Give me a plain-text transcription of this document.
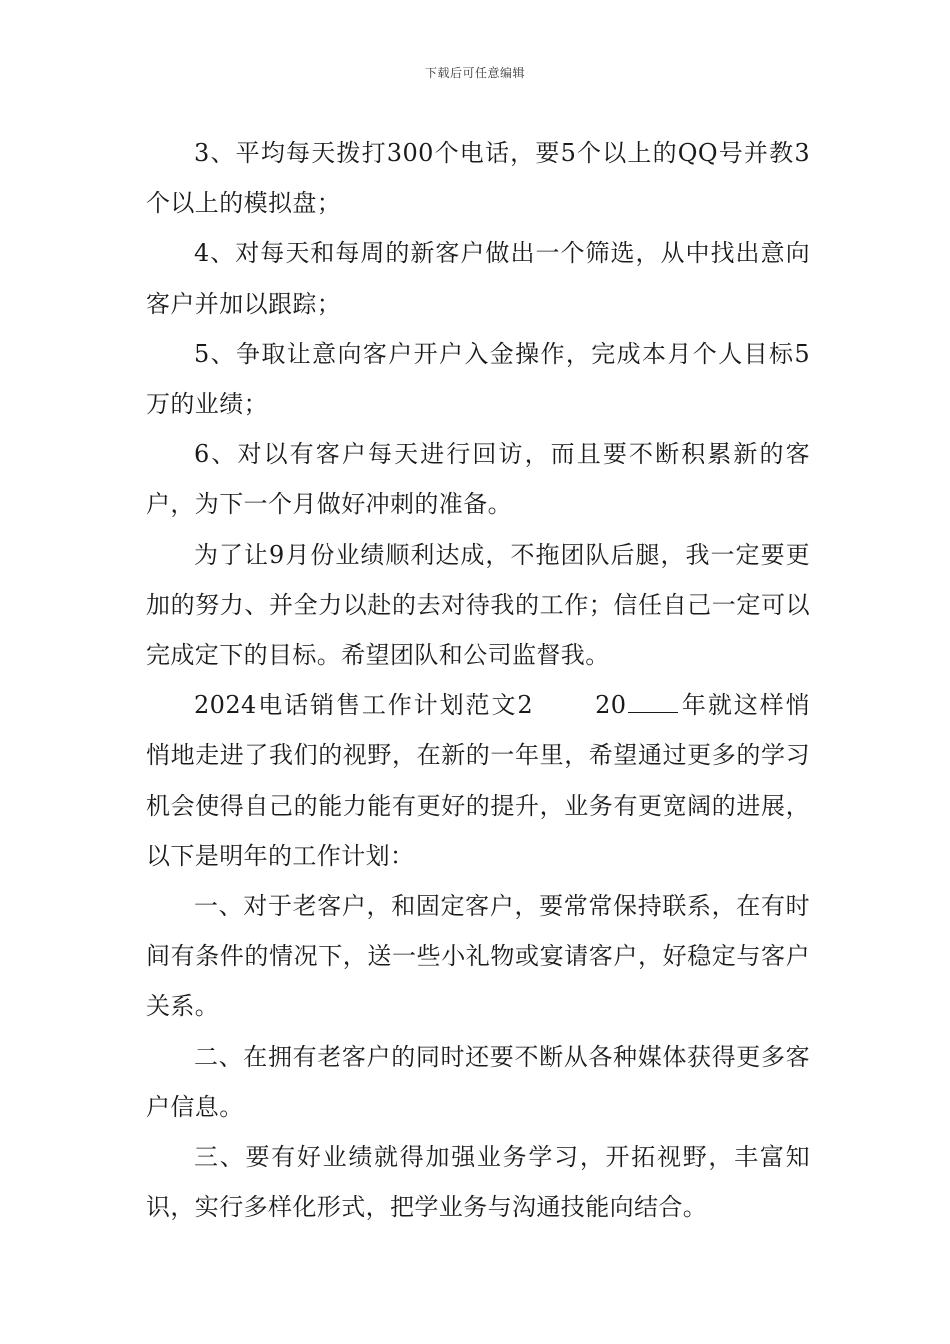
下载后可任意编辑

3、平均每天拨打300个电话，要5个以上的QQ号并教3个以上的模拟盘；

4、对每天和每周的新客户做出一个筛选，从中找出意向客户并加以跟踪；

5、争取让意向客户开户入金操作，完成本月个人目标5万的业绩；

6、对以有客户每天进行回访，而且要不断积累新的客户，为下一个月做好冲刺的准备。

为了让9月份业绩顺利达成，不拖团队后腿，我一定要更加的努力、并全力以赴的去对待我的工作；信任自己一定可以完成定下的目标。希望团队和公司监督我。

2024电话销售工作计划范文2	20 年就这样悄悄地走进了我们的视野，在新的一年里，希望通过更多的学习机会使得自己的能力能有更好的提升，业务有更宽阔的进展，以下是明年的工作计划：

一、对于老客户，和固定客户，要常常保持联系，在有时间有条件的情况下，送一些小礼物或宴请客户，好稳定与客户关系。

二、在拥有老客户的同时还要不断从各种媒体获得更多客户信息。

三、要有好业绩就得加强业务学习，开拓视野，丰富知识，实行多样化形式，把学业务与沟通技能向结合。
